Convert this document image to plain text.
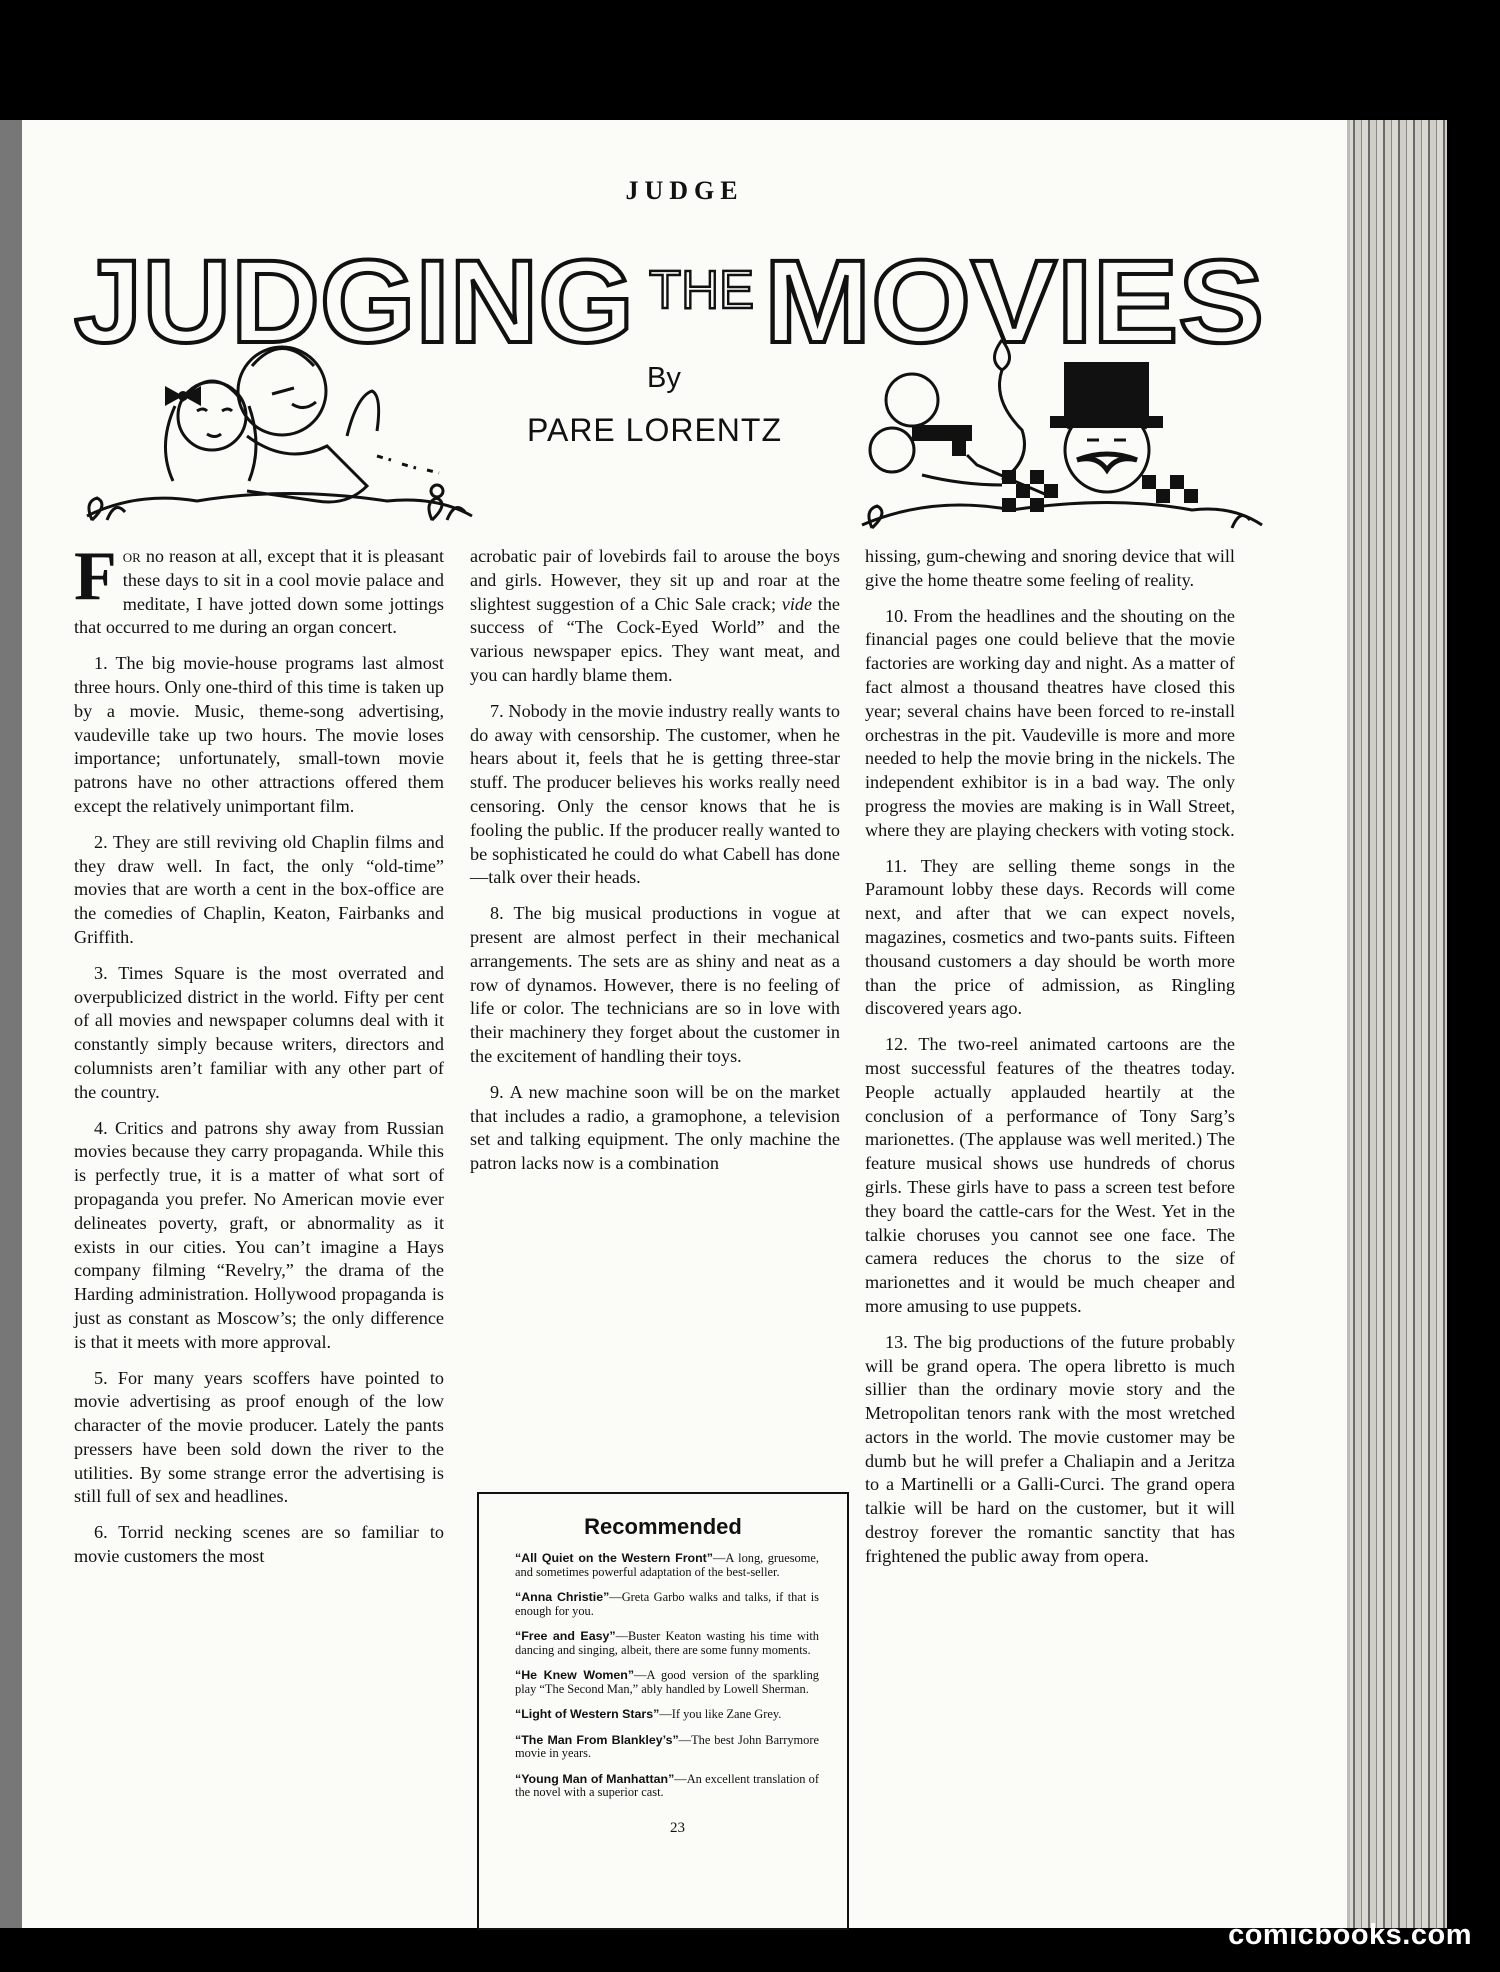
JUDGE
JUDGING THE MOVIES
By
PARE LORENTZ

For no reason at all, except that it is pleasant these days to sit in a cool movie palace and meditate, I have jotted down some jottings that occurred to me during an organ concert.

1. The big movie-house programs last almost three hours. Only one-third of this time is taken up by a movie. Music, theme-song advertising, vaudeville take up two hours. The movie loses importance; unfortunately, small-town movie patrons have no other attractions offered them except the relatively unimportant film.

2. They are still reviving old Chaplin films and they draw well. In fact, the only “old-time” movies that are worth a cent in the box-office are the comedies of Chaplin, Keaton, Fairbanks and Griffith.

3. Times Square is the most overrated and overpublicized district in the world. Fifty per cent of all movies and newspaper columns deal with it constantly simply because writers, directors and columnists aren’t familiar with any other part of the country.

4. Critics and patrons shy away from Russian movies because they carry propaganda. While this is perfectly true, it is a matter of what sort of propaganda you prefer. No American movie ever delineates poverty, graft, or abnormality as it exists in our cities. You can’t imagine a Hays company filming “Revelry,” the drama of the Harding administration. Hollywood propaganda is just as constant as Moscow’s; the only difference is that it meets with more approval.

5. For many years scoffers have pointed to movie advertising as proof enough of the low character of the movie producer. Lately the pants pressers have been sold down the river to the utilities. By some strange error the advertising is still full of sex and headlines.

6. Torrid necking scenes are so familiar to movie customers the most

acrobatic pair of lovebirds fail to arouse the boys and girls. However, they sit up and roar at the slightest suggestion of a Chic Sale crack; vide the success of “The Cock-Eyed World” and the various newspaper epics. They want meat, and you can hardly blame them.

7. Nobody in the movie industry really wants to do away with censorship. The customer, when he hears about it, feels that he is getting three-star stuff. The producer believes his works really need censoring. Only the censor knows that he is fooling the public. If the producer really wanted to be sophisticated he could do what Cabell has done—talk over their heads.

8. The big musical productions in vogue at present are almost perfect in their mechanical arrangements. The sets are as shiny and neat as a row of dynamos. However, there is no feeling of life or color. The technicians are so in love with their machinery they forget about the customer in the excitement of handling their toys.

9. A new machine soon will be on the market that includes a radio, a gramophone, a television set and talking equipment. The only machine the patron lacks now is a combination

Recommended
“All Quiet on the Western Front”—A long, gruesome, and sometimes powerful adaptation of the best-seller.
“Anna Christie”—Greta Garbo walks and talks, if that is enough for you.
“Free and Easy”—Buster Keaton wasting his time with dancing and singing, albeit, there are some funny moments.
“He Knew Women”—A good version of the sparkling play “The Second Man,” ably handled by Lowell Sherman.
“Light of Western Stars”—If you like Zane Grey.
“The Man From Blankley’s”—The best John Barrymore movie in years.
“Young Man of Manhattan”—An excellent translation of the novel with a superior cast.

hissing, gum-chewing and snoring device that will give the home theatre some feeling of reality.

10. From the headlines and the shouting on the financial pages one could believe that the movie factories are working day and night. As a matter of fact almost a thousand theatres have closed this year; several chains have been forced to re-install orchestras in the pit. Vaudeville is more and more needed to help the movie bring in the nickels. The independent exhibitor is in a bad way. The only progress the movies are making is in Wall Street, where they are playing checkers with voting stock.

11. They are selling theme songs in the Paramount lobby these days. Records will come next, and after that we can expect novels, magazines, cosmetics and two-pants suits. Fifteen thousand customers a day should be worth more than the price of admission, as Ringling discovered years ago.

12. The two-reel animated cartoons are the most successful features of the theatres today. People actually applauded heartily at the conclusion of a performance of Tony Sarg’s marionettes. (The applause was well merited.) The feature musical shows use hundreds of chorus girls. These girls have to pass a screen test before they board the cattle-cars for the West. Yet in the talkie choruses you cannot see one face. The camera reduces the chorus to the size of marionettes and it would be much cheaper and more amusing to use puppets.

13. The big productions of the future probably will be grand opera. The opera libretto is much sillier than the ordinary movie story and the Metropolitan tenors rank with the most wretched actors in the world. The movie customer may be dumb but he will prefer a Chaliapin and a Jeritza to a Martinelli or a Galli-Curci. The grand opera talkie will be hard on the customer, but it will destroy forever the romantic sanctity that has frightened the public away from opera.

23
comicbooks.com
